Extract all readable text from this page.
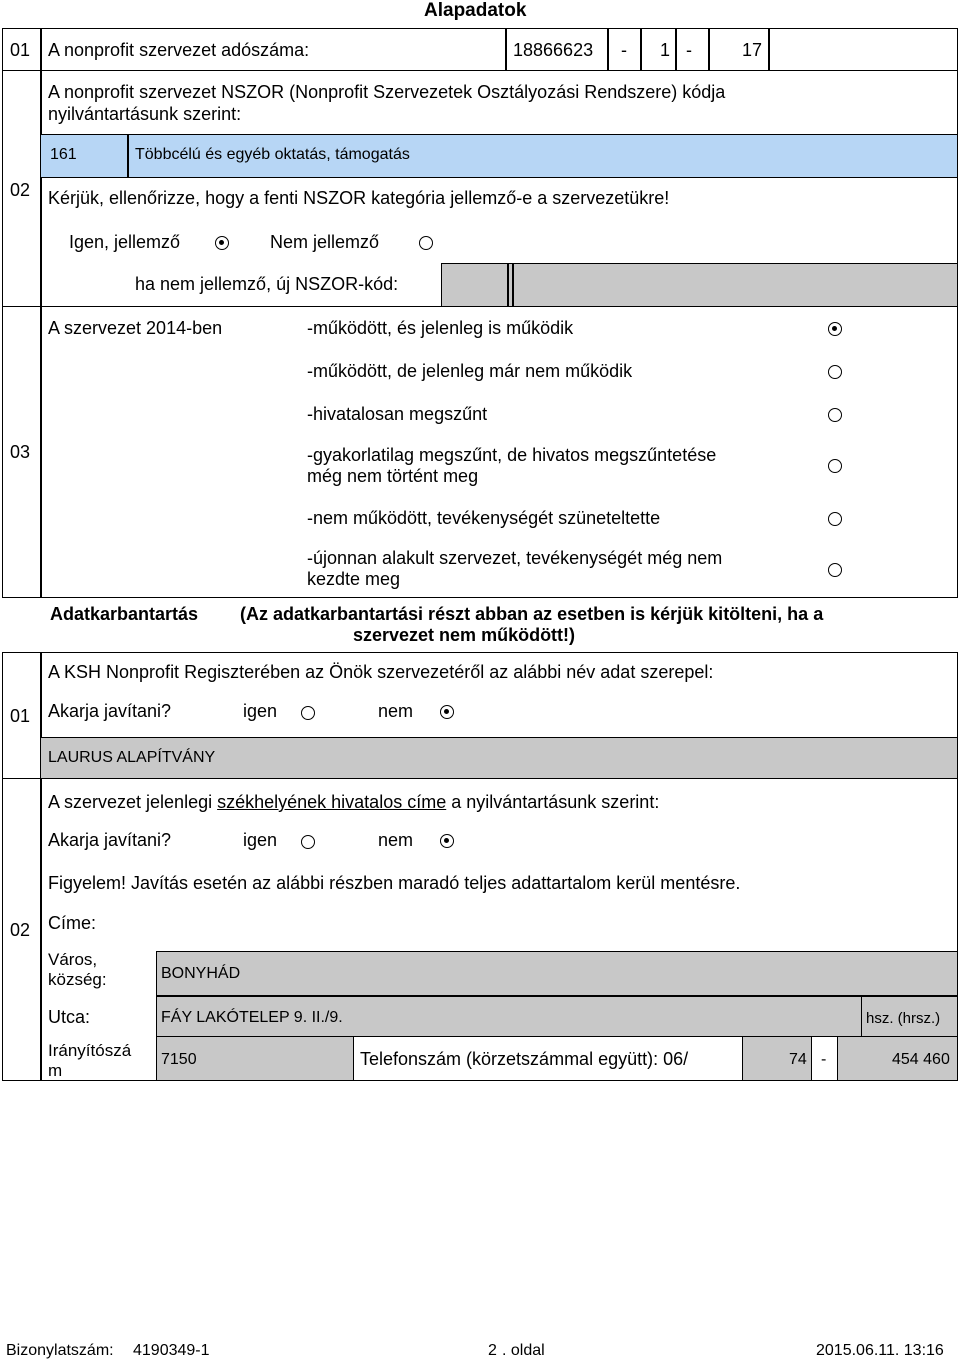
Alapadatok
01 A nonprofit szervezet adószáma:	18866623 - 1 -	17
02
A nonprofit szervezet NSZOR (Nonprofit Szervezetek Osztályozási Rendszere) kódja
nyilvántartásunk szerint:
161	Többcélú és egyéb oktatás, támogatás
Kérjük, ellenőrizze, hogy a fenti NSZOR kategória jellemző-e a szervezetükre!
Igen, jellemző	Nem jellemző
ha nem jellemző, új NSZOR-kód:
03
A szervezet 2014-ben	-működött, és jelenleg is működik
-működött, de jelenleg már nem működik
-hivatalosan megszűnt
-gyakorlatilag megszűnt, de hivatos megszűntetése
még nem történt meg
-nem működött, tevékenységét szüneteltette
-újonnan alakult szervezet, tevékenységét még nem
kezdte meg
Adatkarbantartás (Az adatkarbantartási részt abban az esetben is kérjük kitölteni, ha a
szervezet nem működött!)
01
A KSH Nonprofit Regiszterében az Önök szervezetéről az alábbi név adat szerepel:
Akarja javítani?	igen	nem
LAURUS ALAPÍTVÁNY
02
A szervezet jelenlegi székhelyének hivatalos címe a nyilvántartásunk szerint:
Akarja javítani?	igen	nem
Figyelem! Javítás esetén az alábbi részben maradó teljes adattartalom kerül mentésre.
Címe:
Város,
község:	BONYHÁD
Utca:	FÁY LAKÓTELEP 9. II./9.	hsz. (hrsz.)
Irányítószá
m
7150	Telefonszám (körzetszámmal együtt): 06/	74 -	454 460
Bizonylatszám: 4190349-1	2 . oldal	2015.06.11. 13:16
